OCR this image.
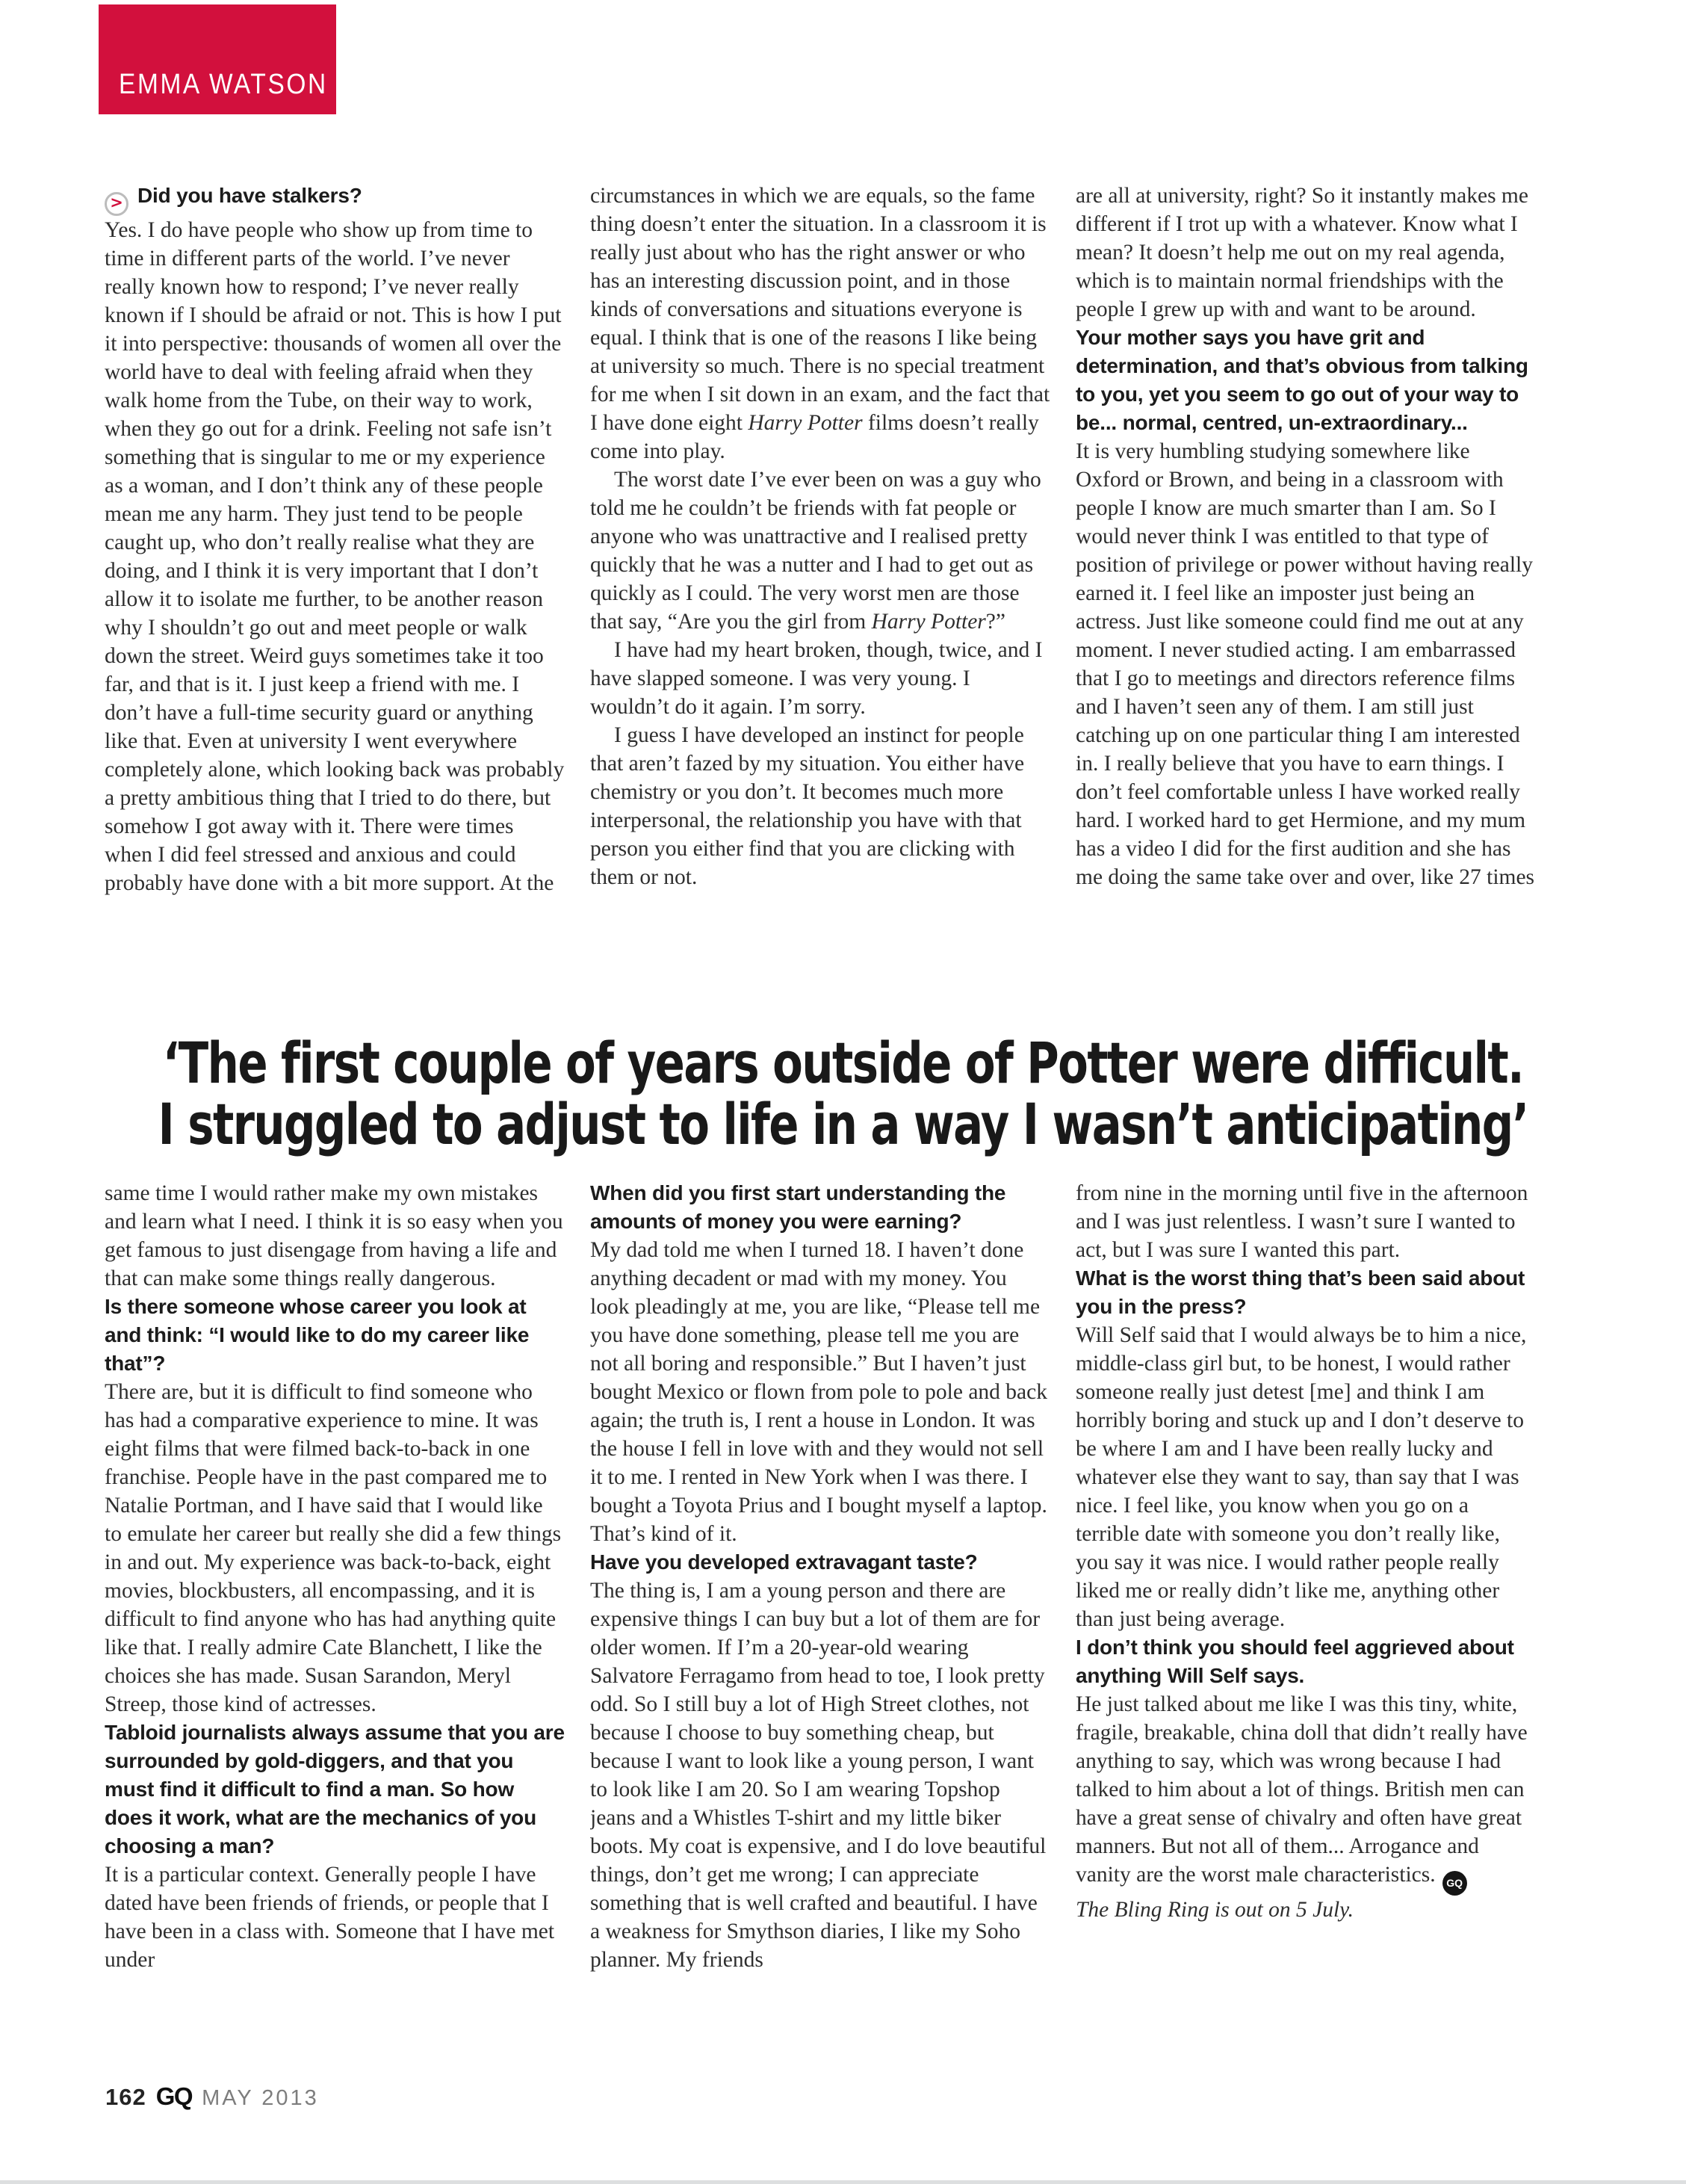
EMMA WATSON

> Did you have stalkers?

Yes. I do have people who show up from time to time in different parts of the world. I’ve never really known how to respond; I’ve never really known if I should be afraid or not. This is how I put it into perspective: thousands of women all over the world have to deal with feeling afraid when they walk home from the Tube, on their way to work, when they go out for a drink. Feeling not safe isn’t something that is singular to me or my experience as a woman, and I don’t think any of these people mean me any harm. They just tend to be people caught up, who don’t really realise what they are doing, and I think it is very important that I don’t allow it to isolate me further, to be another reason why I shouldn’t go out and meet people or walk down the street. Weird guys sometimes take it too far, and that is it. I just keep a friend with me. I don’t have a full-time security guard or anything like that. Even at university I went everywhere completely alone, which looking back was probably a pretty ambitious thing that I tried to do there, but somehow I got away with it. There were times when I did feel stressed and anxious and could probably have done with a bit more support. At the

circumstances in which we are equals, so the fame thing doesn’t enter the situation. In a classroom it is really just about who has the right answer or who has an interesting discussion point, and in those kinds of conversations and situations everyone is equal. I think that is one of the reasons I like being at university so much. There is no special treatment for me when I sit down in an exam, and the fact that I have done eight Harry Potter films doesn’t really come into play.

The worst date I’ve ever been on was a guy who told me he couldn’t be friends with fat people or anyone who was unattractive and I realised pretty quickly that he was a nutter and I had to get out as quickly as I could. The very worst men are those that say, “Are you the girl from Harry Potter?”

I have had my heart broken, though, twice, and I have slapped someone. I was very young. I wouldn’t do it again. I’m sorry.

I guess I have developed an instinct for people that aren’t fazed by my situation. You either have chemistry or you don’t. It becomes much more interpersonal, the relationship you have with that person you either find that you are clicking with them or not.

are all at university, right? So it instantly makes me different if I trot up with a whatever. Know what I mean? It doesn’t help me out on my real agenda, which is to maintain normal friendships with the people I grew up with and want to be around.

Your mother says you have grit and determination, and that’s obvious from talking to you, yet you seem to go out of your way to be... normal, centred, un-extraordinary...

It is very humbling studying somewhere like Oxford or Brown, and being in a classroom with people I know are much smarter than I am. So I would never think I was entitled to that type of position of privilege or power without having really earned it. I feel like an imposter just being an actress. Just like someone could find me out at any moment. I never studied acting. I am embarrassed that I go to meetings and directors reference films and I haven’t seen any of them. I am still just catching up on one particular thing I am interested in. I really believe that you have to earn things. I don’t feel comfortable unless I have worked really hard. I worked hard to get Hermione, and my mum has a video I did for the first audition and she has me doing the same take over and over, like 27 times

‘The first couple of years outside of Potter were difficult.
I struggled to adjust to life in a way I wasn’t anticipating’

same time I would rather make my own mistakes and learn what I need. I think it is so easy when you get famous to just disengage from having a life and that can make some things really dangerous.

Is there someone whose career you look at and think: “I would like to do my career like that”?

There are, but it is difficult to find someone who has had a comparative experience to mine. It was eight films that were filmed back-to-back in one franchise. People have in the past compared me to Natalie Portman, and I have said that I would like to emulate her career but really she did a few things in and out. My experience was back-to-back, eight movies, blockbusters, all encompassing, and it is difficult to find anyone who has had anything quite like that. I really admire Cate Blanchett, I like the choices she has made. Susan Sarandon, Meryl Streep, those kind of actresses.

Tabloid journalists always assume that you are surrounded by gold-diggers, and that you must find it difficult to find a man. So how does it work, what are the mechanics of you choosing a man?

It is a particular context. Generally people I have dated have been friends of friends, or people that I have been in a class with. Someone that I have met under

When did you first start understanding the amounts of money you were earning?

My dad told me when I turned 18. I haven’t done anything decadent or mad with my money. You look pleadingly at me, you are like, “Please tell me you have done something, please tell me you are not all boring and responsible.” But I haven’t just bought Mexico or flown from pole to pole and back again; the truth is, I rent a house in London. It was the house I fell in love with and they would not sell it to me. I rented in New York when I was there. I bought a Toyota Prius and I bought myself a laptop. That’s kind of it.

Have you developed extravagant taste?

The thing is, I am a young person and there are expensive things I can buy but a lot of them are for older women. If I’m a 20-year-old wearing Salvatore Ferragamo from head to toe, I look pretty odd. So I still buy a lot of High Street clothes, not because I choose to buy something cheap, but because I want to look like a young person, I want to look like I am 20. So I am wearing Topshop jeans and a Whistles T-shirt and my little biker boots. My coat is expensive, and I do love beautiful things, don’t get me wrong; I can appreciate something that is well crafted and beautiful. I have a weakness for Smythson diaries, I like my Soho planner. My friends

from nine in the morning until five in the afternoon and I was just relentless. I wasn’t sure I wanted to act, but I was sure I wanted this part.

What is the worst thing that’s been said about you in the press?

Will Self said that I would always be to him a nice, middle-class girl but, to be honest, I would rather someone really just detest [me] and think I am horribly boring and stuck up and I don’t deserve to be where I am and I have been really lucky and whatever else they want to say, than say that I was nice. I feel like, you know when you go on a terrible date with someone you don’t really like, you say it was nice. I would rather people really liked me or really didn’t like me, anything other than just being average.

I don’t think you should feel aggrieved about anything Will Self says.

He just talked about me like I was this tiny, white, fragile, breakable, china doll that didn’t really have anything to say, which was wrong because I had talked to him about a lot of things. British men can have a great sense of chivalry and often have great manners. But not all of them... Arrogance and vanity are the worst male characteristics. GQ

The Bling Ring is out on 5 July.

162 GQ MAY 2013
